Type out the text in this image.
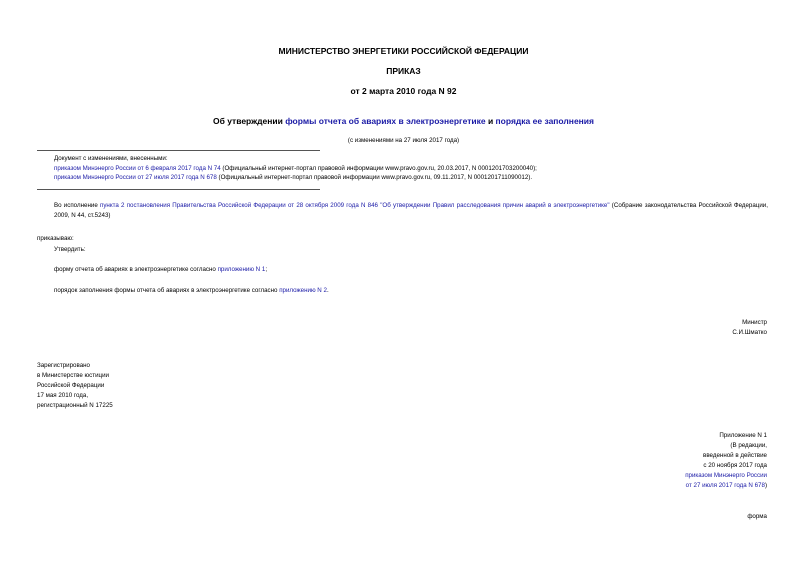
МИНИСТЕРСТВО ЭНЕРГЕТИКИ РОССИЙСКОЙ ФЕДЕРАЦИИ
ПРИКАЗ
от 2 марта 2010 года N 92
Об утверждении формы отчета об авариях в электроэнергетике и порядка ее заполнения
(с изменениями на 27 июля 2017 года)
Документ с изменениями, внесенными:
приказом Минэнерго России от 6 февраля 2017 года N 74 (Официальный интернет-портал правовой информации www.pravo.gov.ru, 20.03.2017, N 0001201703200040);
приказом Минэнерго России от 27 июля 2017 года N 678 (Официальный интернет-портал правовой информации www.pravo.gov.ru, 09.11.2017, N 0001201711090012).
Во исполнение пункта 2 постановления Правительства Российской Федерации от 28 октября 2009 года N 846 "Об утверждении Правил расследования причин аварий в электроэнергетике" (Собрание законодательства Российской Федерации, 2009, N 44, ст.5243)
приказываю:
Утвердить:
форму отчета об авариях в электроэнергетике согласно приложению N 1;
порядок заполнения формы отчета об авариях в электроэнергетике согласно приложению N 2.
Министр
С.И.Шматко
Зарегистрировано
в Министерстве юстиции
Российской Федерации
17 мая 2010 года,
регистрационный N 17225
Приложение N 1
(В редакции,
введенной в действие
с 20 ноября 2017 года
приказом Минэнерго России
от 27 июля 2017 года N 678)
форма
